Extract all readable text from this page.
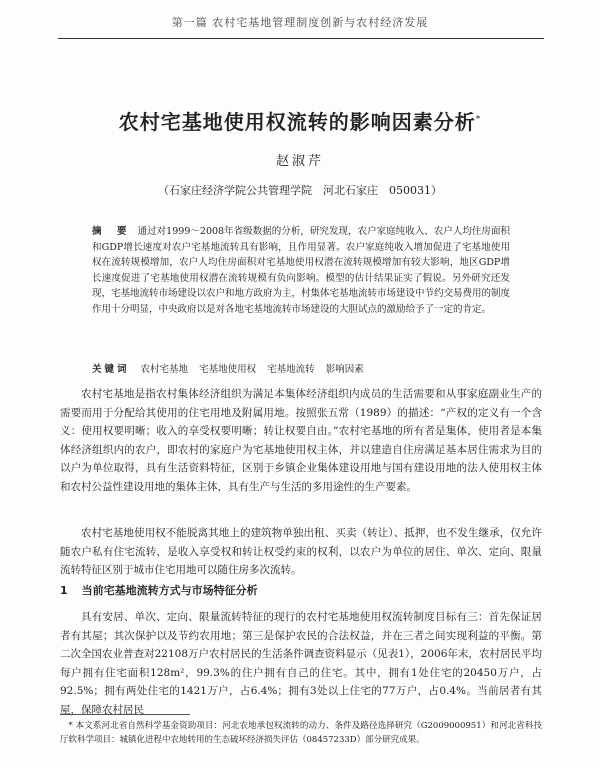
第一篇 农村宅基地管理制度创新与农村经济发展
农村宅基地使用权流转的影响因素分析*
赵淑芹
（石家庄经济学院公共管理学院　河北石家庄　050031）
摘　要 通过对1999～2008年省级数据的分析，研究发现，农户家庭纯收入、农户人均住房面积和GDP增长速度对农户宅基地流转具有影响，且作用显著。农户家庭纯收入增加促进了宅基地使用权在流转规模增加，农户人均住房面积对宅基地使用权潜在流转规模增加有较大影响，地区GDP增长速度促进了宅基地使用权潜在流转规模有负向影响。模型的估计结果证实了假说。另外研究还发现，宅基地流转市场建设以农户和地方政府为主，村集体宅基地流转市场建设中节约交易费用的制度作用十分明显，中央政府以是对各地宅基地流转市场建设的大胆试点的激励给予了一定的肯定。
关键词 农村宅基地 宅基地使用权 宅基地流转 影响因素
农村宅基地是指农村集体经济组织为满足本集体经济组织内成员的生活需要和从事家庭副业生产的需要而用于分配给其使用的住宅用地及附属用地。按照张五常（1989）的描述：“产权的定义有一个含义：使用权要明晰；收入的享受权要明晰；转让权要自由。”农村宅基地的所有者是集体，使用者是本集体经济组织内的农户，即农村的家庭户为宅基地使用权主体，并以建造自住房满足基本居住需求为目的以户为单位取得，具有生活资料特征，区别于乡镇企业集体建设用地与国有建设用地的法人使用权主体和农村公益性建设用地的集体主体，具有生产与生活的多用途性的生产要素。
农村宅基地使用权不能脱离其地上的建筑物单独出租、买卖（转让）、抵押，也不发生继承，仅允许随农户私有住宅流转，是收入享受权和转让权受约束的权利，以农户为单位的居住、单次、定向、限量流转特征区别于城市住宅用地可以随住房多次流转。
1 当前宅基地流转方式与市场特征分析
具有安居、单次、定向、限量流转特征的现行的农村宅基地使用权流转制度目标有三：首先保证居者有其屋；其次保护以及节约农用地；第三是保护农民的合法权益，并在三者之间实现利益的平衡。第二次全国农业普查对22108万户农村居民的生活条件调查资料显示（见表1），2006年末，农村居民平均每户拥有住宅面积128m²，99.3%的住户拥有自己的住宅。其中，拥有1处住宅的20450万户，占92.5%；拥有两处住宅的1421万户，占6.4%；拥有3处以上住宅的77万户，占0.4%。当前居者有其屋，保障农村居民
* 本文系河北省自然科学基金资助项目：河北农地承包权流转的动力、条件及路径选择研究（G2009000951）和河北省科技厅软科学项目：城镇化进程中农地转用的生态破坏经济损失评估（08457233D）部分研究成果。
